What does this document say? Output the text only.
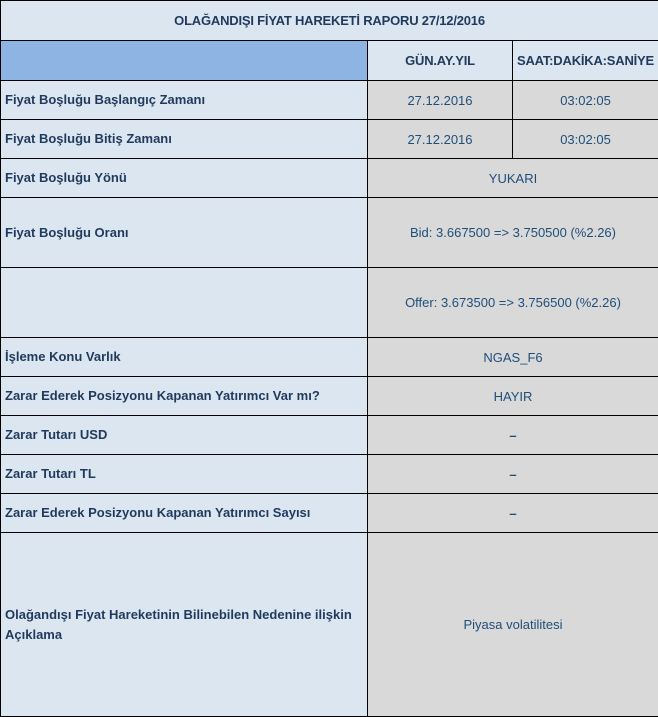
OLAĞANDIŞI FİYAT HAREKETİ RAPORU 27/12/2016		
	GÜN.AY.YIL	SAAT:DAKİKA:SANİYE
Fiyat Boşluğu Başlangıç Zamanı	27.12.2016	03:02:05
Fiyat Boşluğu Bitiş Zamanı	27.12.2016	03:02:05
Fiyat Boşluğu Yönü	YUKARI	
Fiyat Boşluğu Oranı	Bid: 3.667500 => 3.750500 (%2.26)	
	Offer: 3.673500 => 3.756500 (%2.26)	
İşleme Konu Varlık	NGAS_F6	
Zarar Ederek Posizyonu Kapanan Yatırımcı Var mı?	HAYIR	
Zarar Tutarı USD	–	
Zarar Tutarı TL	–	
Zarar Ederek Posizyonu Kapanan Yatırımcı Sayısı	–	
Olağandışı Fiyat Hareketinin Bilinebilen Nedenine ilişkin Açıklama	Piyasa volatilitesi	
